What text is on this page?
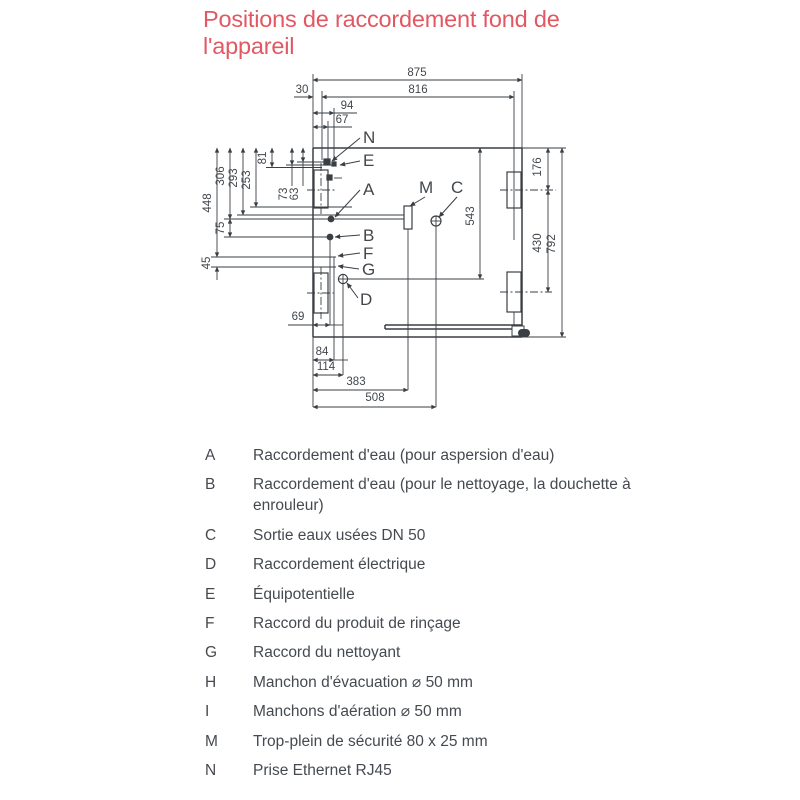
Positions de raccordement fond de l'appareil
875
816
30
94
67
448
306 293 253
81
73 63
75
45
543
176
430 792
69
84
114
383
508
N
E
A	M C
B
F
G
D
A	Raccordement d'eau (pour aspersion d'eau)
B	Raccordement d'eau (pour le nettoyage, la douchette à enrouleur)
C	Sortie eaux usées DN 50
D	Raccordement électrique
E	Équipotentielle
F	Raccord du produit de rinçage
G	Raccord du nettoyant
H	Manchon d'évacuation ⌀ 50 mm
I	Manchons d'aération ⌀ 50 mm
M	Trop-plein de sécurité 80 x 25 mm
N	Prise Ethernet RJ45
